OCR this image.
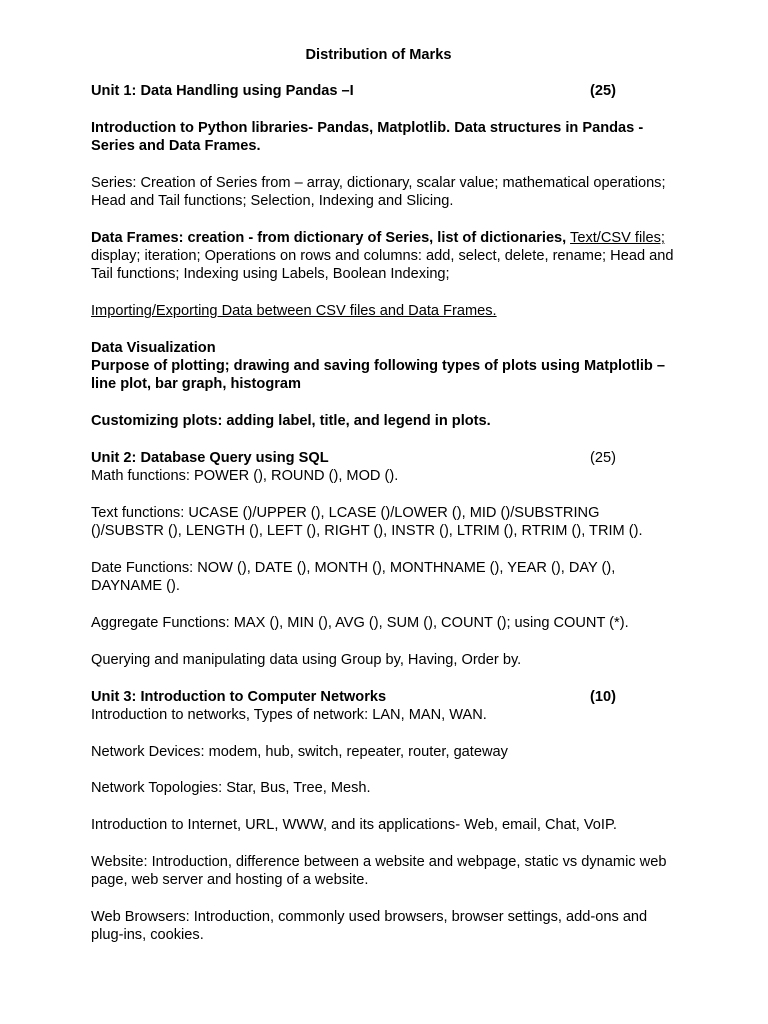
Distribution of Marks
Unit 1: Data Handling using Pandas –I	(25)

Introduction to Python libraries- Pandas, Matplotlib. Data structures in Pandas - Series and Data Frames.

Series: Creation of Series from – array, dictionary, scalar value; mathematical operations; Head and Tail functions; Selection, Indexing and Slicing.

Data Frames: creation - from dictionary of Series, list of dictionaries, Text/CSV files; display; iteration; Operations on rows and columns: add, select, delete, rename; Head and Tail functions; Indexing using Labels, Boolean Indexing;

Importing/Exporting Data between CSV files and Data Frames.

Data Visualization

Purpose of plotting; drawing and saving following types of plots using Matplotlib – line plot, bar graph, histogram

Customizing plots: adding label, title, and legend in plots.

Unit 2: Database Query using SQL	(25)

Math functions: POWER (), ROUND (), MOD ().

Text functions: UCASE ()/UPPER (), LCASE ()/LOWER (), MID ()/SUBSTRING ()/SUBSTR (), LENGTH (), LEFT (), RIGHT (), INSTR (), LTRIM (), RTRIM (), TRIM ().

Date Functions: NOW (), DATE (), MONTH (), MONTHNAME (), YEAR (), DAY (), DAYNAME ().

Aggregate Functions: MAX (), MIN (), AVG (), SUM (), COUNT (); using COUNT (*).

Querying and manipulating data using Group by, Having, Order by.

Unit 3: Introduction to Computer Networks	(10)

Introduction to networks, Types of network: LAN, MAN, WAN.

Network Devices: modem, hub, switch, repeater, router, gateway

Network Topologies: Star, Bus, Tree, Mesh.

Introduction to Internet, URL, WWW, and its applications- Web, email, Chat, VoIP.

Website: Introduction, difference between a website and webpage, static vs dynamic web page, web server and hosting of a website.

Web Browsers: Introduction, commonly used browsers, browser settings, add-ons and plug-ins, cookies.
